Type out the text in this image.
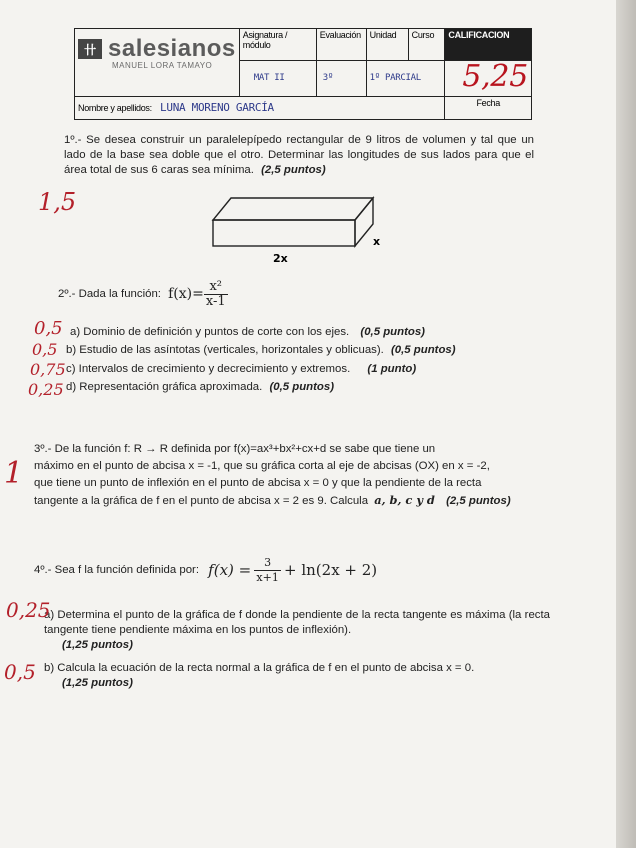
卄 salesianos
MANUEL LORA TAMAYO	Asignatura / módulo	Evaluación	Unidad	Curso	CALIFICACION
	MAT II	3º	1º PARCIAL		5,25

Nombre y apellidos: LUNA MORENO GARCÍA					Fecha
1º.- Se desea construir un paralelepípedo rectangular de 9 litros de volumen y tal que un lado de la base sea doble que el otro. Determinar las longitudes de sus lados para que el área total de sus 6 caras sea mínima. (2,5 puntos)
1,5
x
2x
2º.- Dada la función: $f(x)= \frac{\text{x²}}{x-1}$
a) Dominio de definición y puntos de corte con los ejes. (0,5 puntos)
0,5
b) Estudio de las asíntotas (verticales, horizontales y oblicuas). (0,5 puntos)
0,5
c) Intervalos de crecimiento y decrecimiento y extremos. (1 punto)
0,75
d) Representación gráfica aproximada. (0,5 puntos)
0,25
3º.- De la función f: R → R definida por f(x)=ax³+bx²+cx+d se sabe que tiene un
máximo en el punto de abcisa x = -1, que su gráfica corta al eje de abcisas (OX) en x = -2,
que tiene un punto de inflexión en el punto de abcisa x = 0 y que la pendiente de la recta
tangente a la gráfica de f en el punto de abcisa x = 2 es 9. Calcula a, b, c y d (2,5 puntos)
1
4º.- Sea f la función definida por: $f(x) = \frac{3}{x+1} + \ln(2x + 2)$
a) Determina el punto de la gráfica de f donde la pendiente de la recta tangente es máxima (la recta tangente tiene pendiente máxima en los puntos de inflexión).
(1,25 puntos)
0,25
b) Calcula la ecuación de la recta normal a la gráfica de f en el punto de abcisa x = 0.
(1,25 puntos)
0,5
